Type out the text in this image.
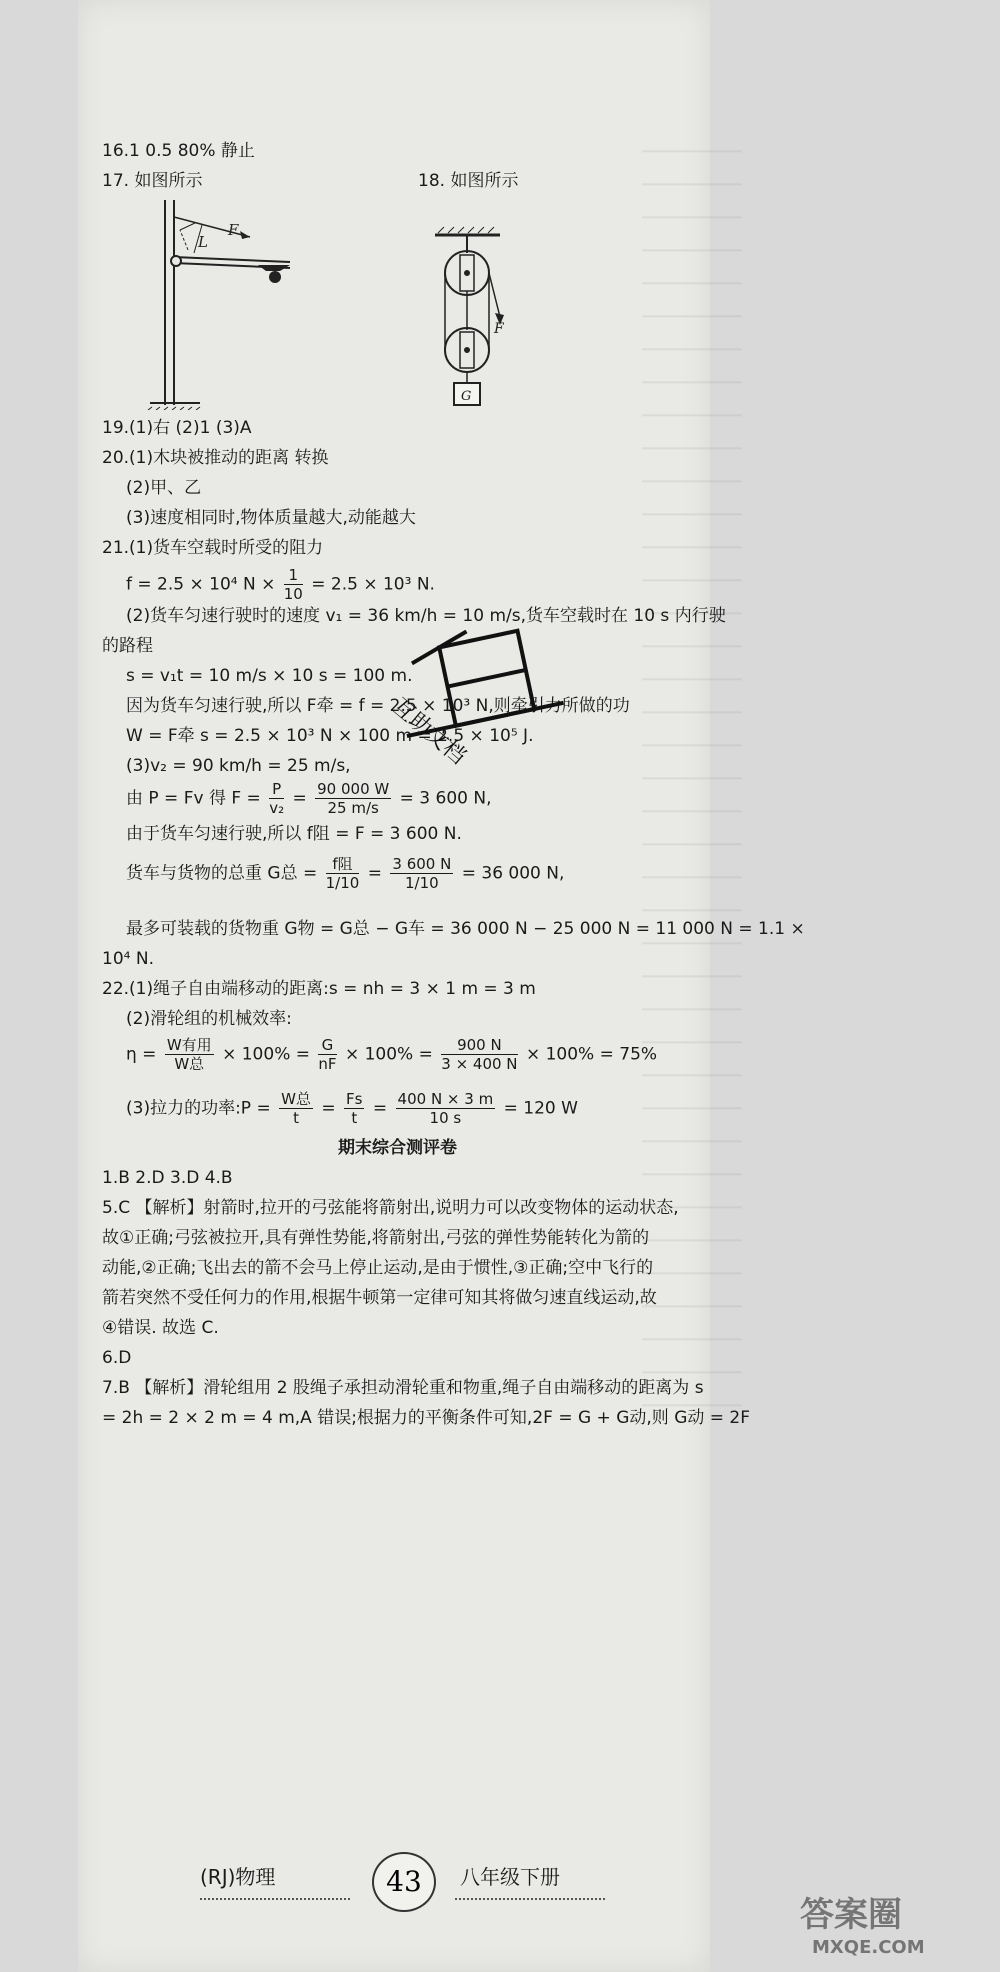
16.1 0.5 80% 静止
17. 如图所示	18. 如图所示
F
L
F
G
19.(1)右 (2)1 (3)A
20.(1)木块被推动的距离 转换
(2)甲、乙
(3)速度相同时,物体质量越大,动能越大
21.(1)货车空载时所受的阻力
f = 2.5 × 10⁴ $N \times \frac{1}{10} = 2.5 \times 10^3$ N.
(2)货车匀速行驶时的速度 v₁ = 36 km/h = 10 m/s,货车空载时在 10 s 内行驶
的路程
s = v₁t = 10 m/s × 10 s = 100 m.
因为货车匀速行驶,所以 F牵 = f = 2.5 × 10³ N,则牵引力所做的功
W = F牵 s = 2.5 × 10³ N × 100 m = 2.5 × 10⁵ J.
(3)v₂ = 90 km/h = 25 m/s,
由 P = Fv 得 $F = \frac{P}{\text{v₂}} = \frac{90 000 W}{25 m/s} = 3$ 600 N,
由于货车匀速行驶,所以 f阻 = F = 3 600 N.
货车与货物的总重 G总 = $\frac{\text{f阻}}{1/10} = \frac{3 600 N}{1/10} = 36$ 000 N,
最多可装载的货物重 G物 = G总 − G车 = 36 000 N − 25 000 N = 11 000 N = 1.1 ×
10⁴ N.
22.(1)绳子自由端移动的距离:s = nh = 3 × 1 m = 3 m
(2)滑轮组的机械效率:
$\eta = \frac{\text{W有用}}{\text{W总}} \times 100\% = \frac{G}{nF} \times 100\% = \frac{900 N}{3 \times 400 N} \times 100\% = 75\%$
(3)拉力的功率:P = $\frac{\text{W总}}{t} = \frac{Fs}{t} = \frac{400 N \times 3 m}{10 s} = 120$ W
期末综合测评卷
1.B 2.D 3.D 4.B
5.C 【解析】射箭时,拉开的弓弦能将箭射出,说明力可以改变物体的运动状态,
故①正确;弓弦被拉开,具有弹性势能,将箭射出,弓弦的弹性势能转化为箭的
动能,②正确;飞出去的箭不会马上停止运动,是由于惯性,③正确;空中飞行的
箭若突然不受任何力的作用,根据牛顿第一定律可知其将做匀速直线运动,故
④错误. 故选 C.
6.D
7.B 【解析】滑轮组用 2 股绳子承担动滑轮重和物重,绳子自由端移动的距离为 s
= 2h = 2 × 2 m = 4 m,A 错误;根据力的平衡条件可知,2F = G + G动,则 G动 = 2F
互助文档
(RJ)物理	43	八年级下册
答案圈
MXQE.COM
